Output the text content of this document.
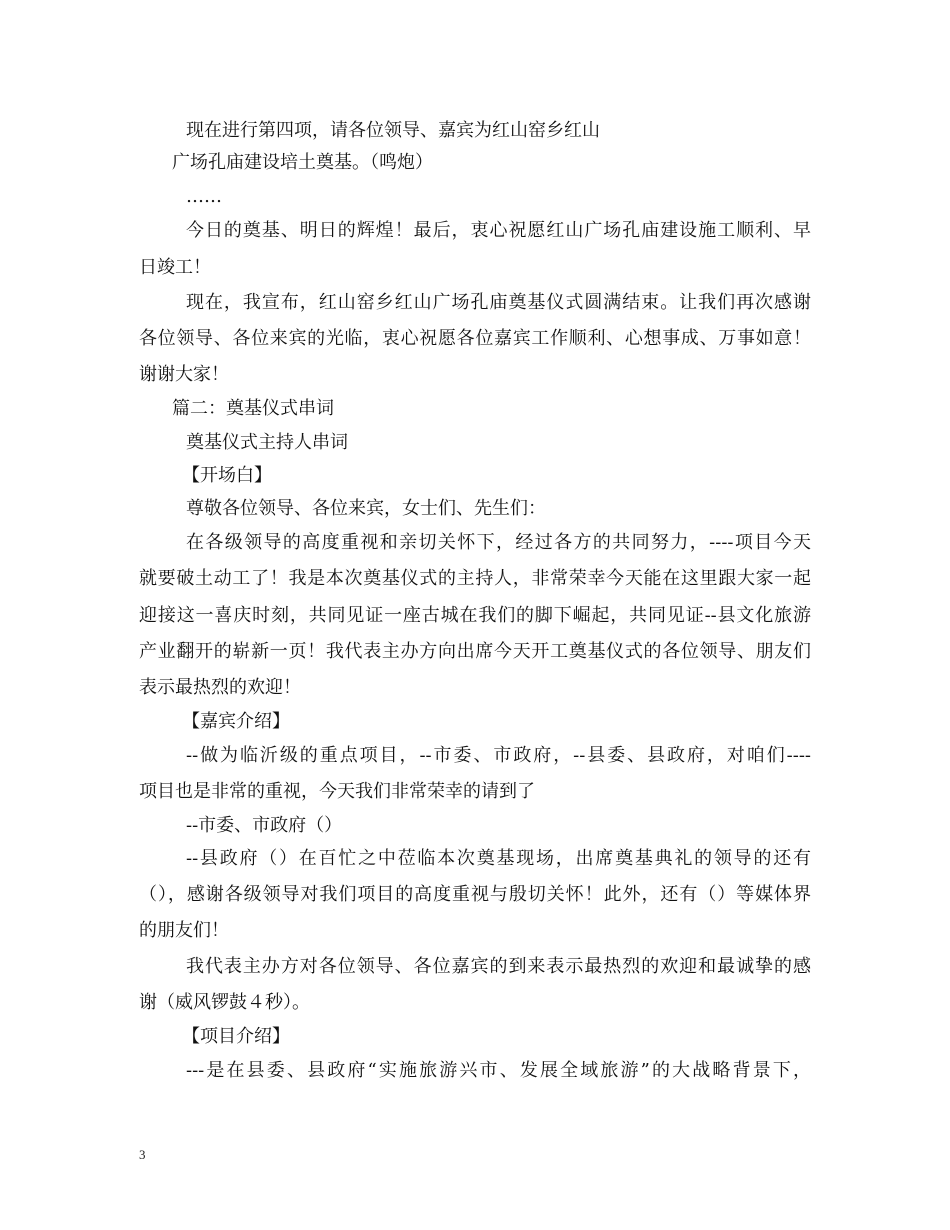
现在进行第四项，请各位领导、嘉宾为红山窑乡红山
广场孔庙建设培土奠基。（鸣炮）
……
今日的奠基、明日的辉煌！最后，衷心祝愿红山广场孔庙建设施工顺利、早
日竣工！
现在，我宣布，红山窑乡红山广场孔庙奠基仪式圆满结束。让我们再次感谢
各位领导、各位来宾的光临，衷心祝愿各位嘉宾工作顺利、心想事成、万事如意！
谢谢大家！
篇二：奠基仪式串词
奠基仪式主持人串词
【开场白】
尊敬各位领导、各位来宾，女士们、先生们：
在各级领导的高度重视和亲切关怀下，经过各方的共同努力，----项目今天
就要破土动工了！我是本次奠基仪式的主持人，非常荣幸今天能在这里跟大家一起
迎接这一喜庆时刻，共同见证一座古城在我们的脚下崛起，共同见证--县文化旅游
产业翻开的崭新一页！我代表主办方向出席今天开工奠基仪式的各位领导、朋友们
表示最热烈的欢迎！
【嘉宾介绍】
--做为临沂级的重点项目，--市委、市政府，--县委、县政府，对咱们----
项目也是非常的重视，今天我们非常荣幸的请到了
--市委、市政府（）
--县政府（）在百忙之中莅临本次奠基现场，出席奠基典礼的领导的还有
（），感谢各级领导对我们项目的高度重视与殷切关怀！此外，还有（）等媒体界
的朋友们！
我代表主办方对各位领导、各位嘉宾的到来表示最热烈的欢迎和最诚挚的感
谢（威风锣鼓４秒）。
【项目介绍】
---是在县委、县政府“实施旅游兴市、发展全域旅游”的大战略背景下，
3
